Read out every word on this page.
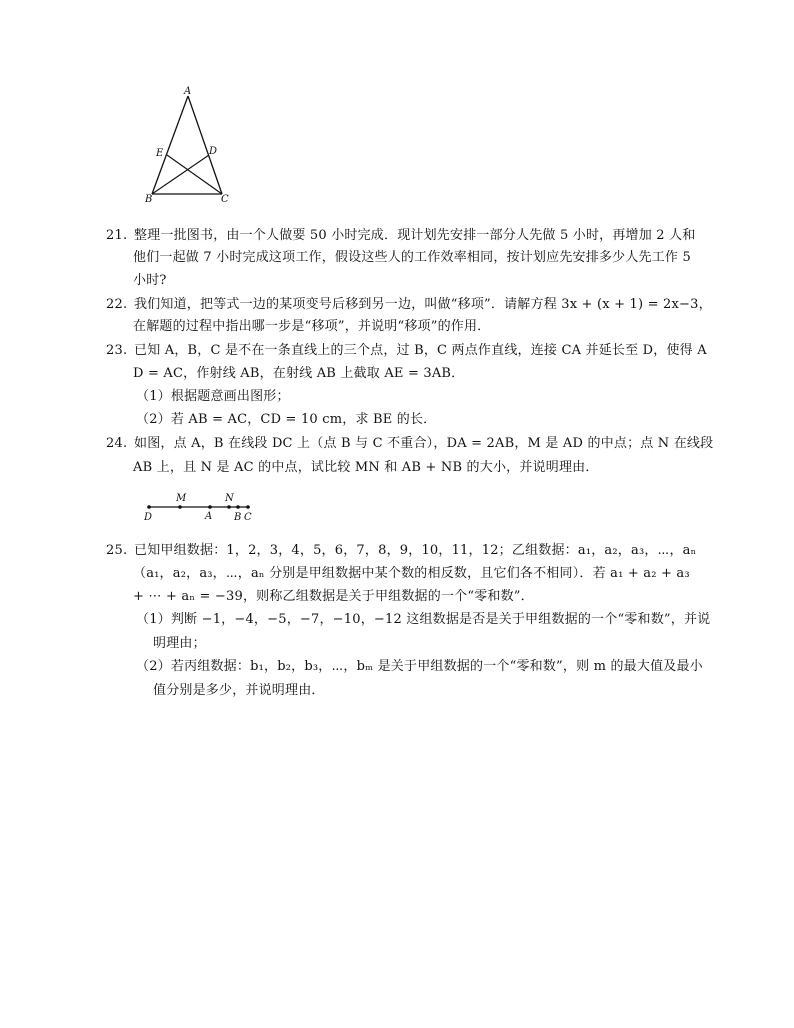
A
E	D
B	C
21. 整理一批图书，由一个人做要 50 小时完成．现计划先安排一部分人先做 5 小时，再增加 2 人和
他们一起做 7 小时完成这项工作，假设这些人的工作效率相同，按计划应先安排多少人先工作 5
小时?
22. 我们知道，把等式一边的某项变号后移到另一边，叫做“移项”．请解方程 3x + (x + 1) = 2x−3，
在解题的过程中指出哪一步是“移项”，并说明“移项”的作用．
23. 已知 A，B，C 是不在一条直线上的三个点，过 B，C 两点作直线，连接 CA 并延长至 D，使得 A
D = AC，作射线 AB，在射线 AB 上截取 AE = 3AB．
（1）根据题意画出图形；
（2）若 AB = AC，CD = 10 cm，求 BE 的长．
24. 如图，点 A，B 在线段 DC 上（点 B 与 C 不重合），DA = 2AB，M 是 AD 的中点；点 N 在线段
AB 上，且 N 是 AC 的中点，试比较 MN 和 AB + NB 的大小，并说明理由．
D
M
A
N
B C
25. 已知甲组数据：1，2，3，4，5，6，7，8，9，10，11，12；乙组数据：a₁，a₂，a₃，⋯，aₙ
（a₁，a₂，a₃，⋯，aₙ 分别是甲组数据中某个数的相反数，且它们各不相同）．若 a₁ + a₂ + a₃
+ ⋯ + aₙ = −39，则称乙组数据是关于甲组数据的一个“零和数”．
（1）判断 −1，−4，−5，−7，−10，−12 这组数据是否是关于甲组数据的一个“零和数”，并说
明理由；
（2）若丙组数据：b₁，b₂，b₃，⋯，bₘ 是关于甲组数据的一个“零和数”，则 m 的最大值及最小
值分别是多少，并说明理由．
